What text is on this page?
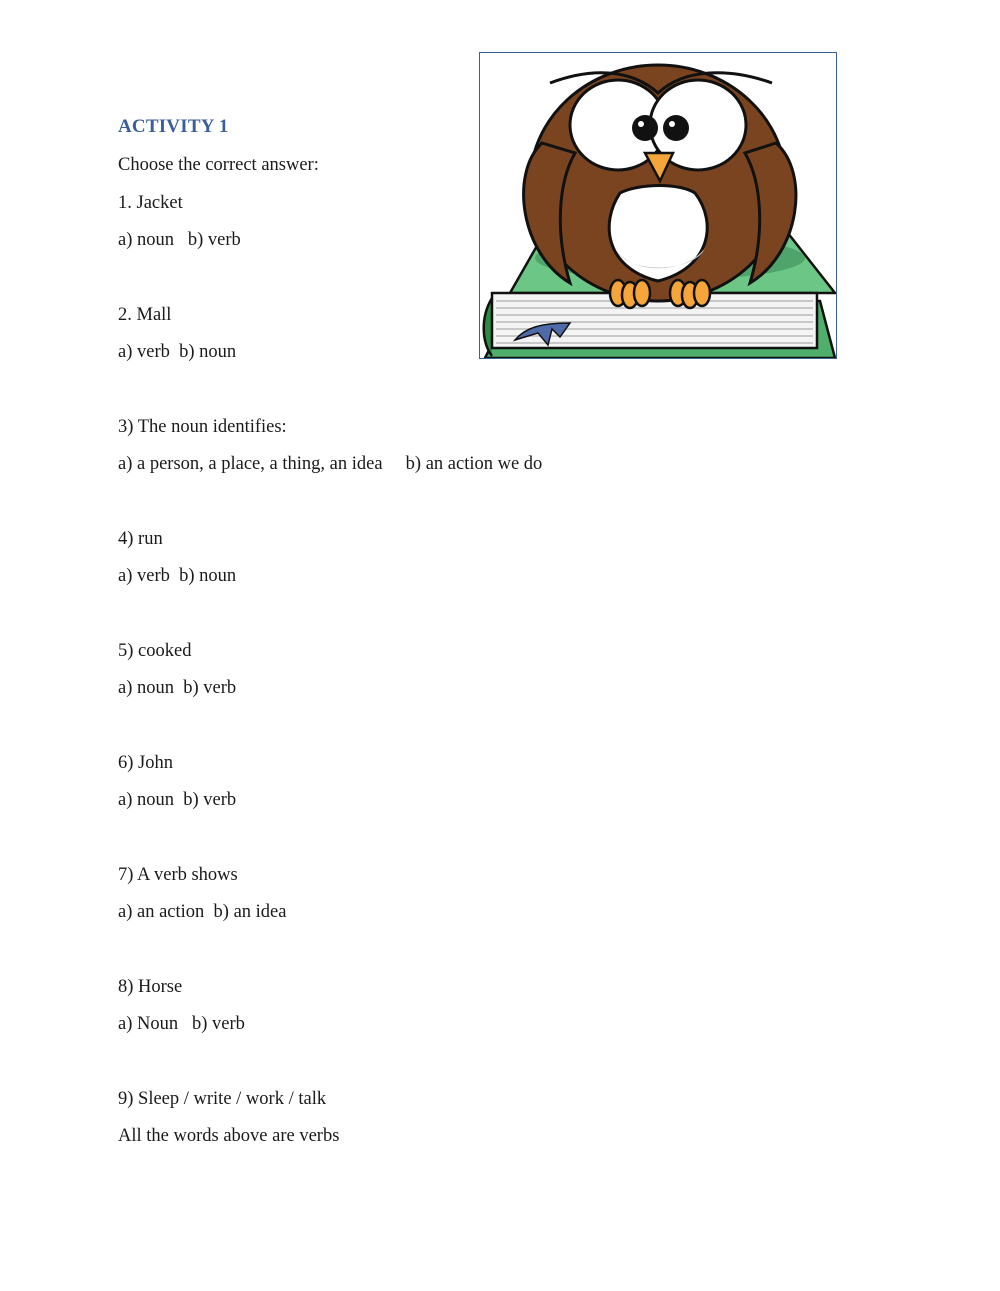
ACTIVITY 1
Choose the correct answer:
1. Jacket
a) noun   b) verb
2. Mall
a) verb  b) noun
3) The noun identifies:
a) a person, a place, a thing, an idea     b) an action we do
4) run
a) verb  b) noun
5) cooked
a) noun  b) verb
6) John
a) noun  b) verb
7) A verb shows
a) an action  b) an idea
8) Horse
a) Noun   b) verb
9) Sleep / write / work / talk
All the words above are verbs
